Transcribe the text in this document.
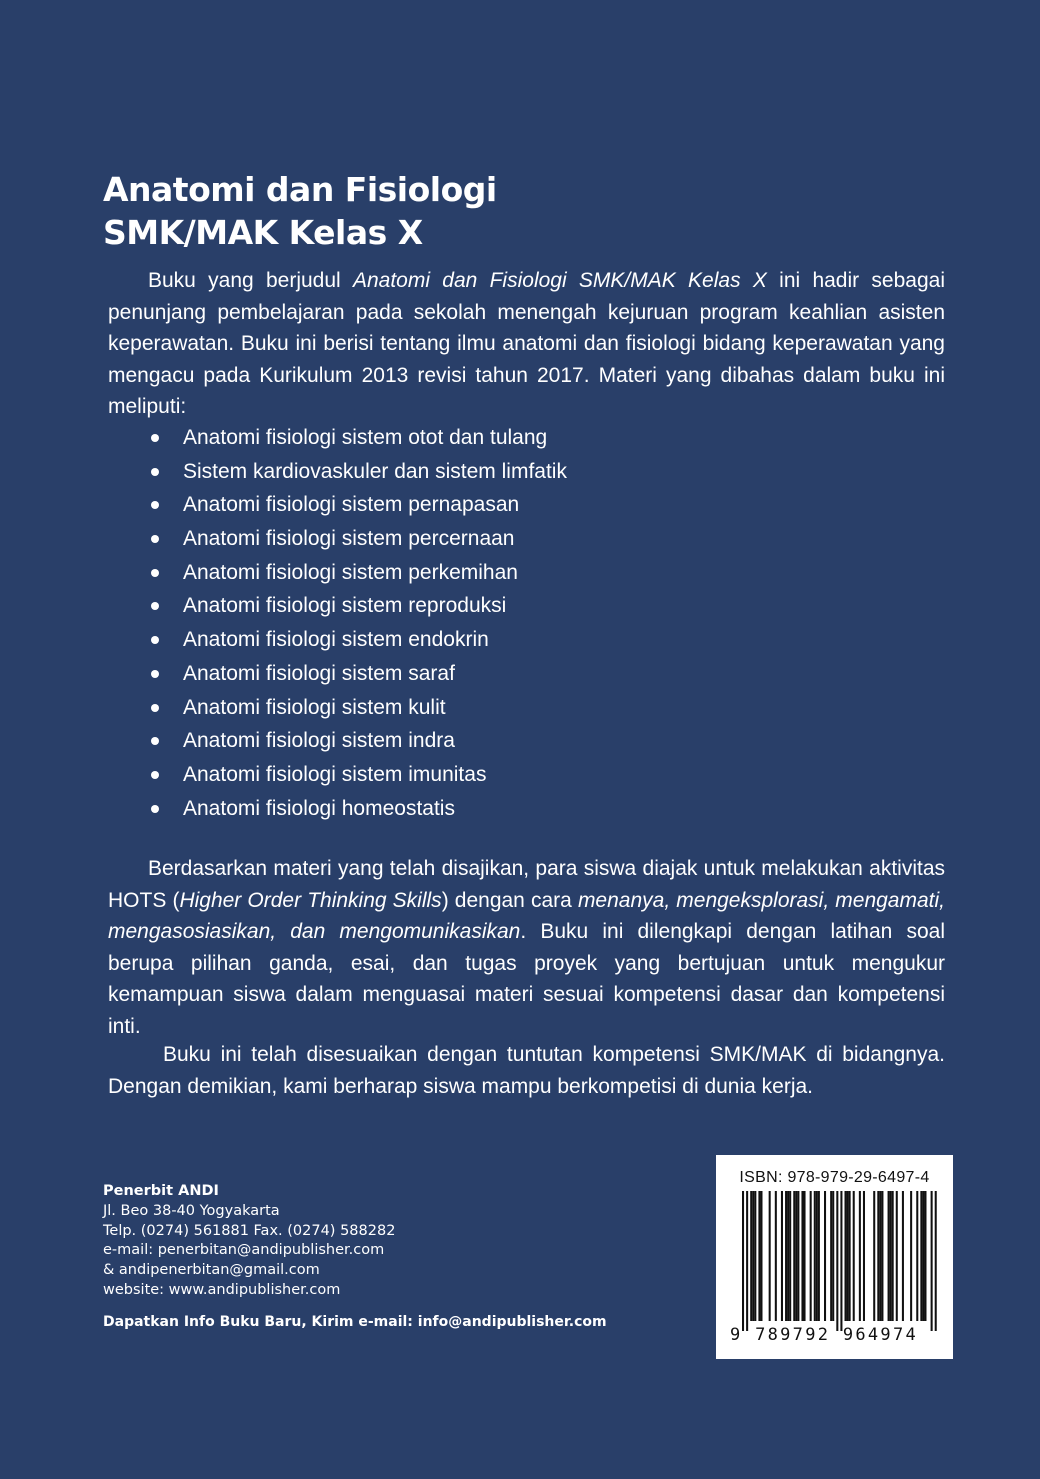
Anatomi dan Fisiologi
SMK/MAK Kelas X

Buku yang berjudul Anatomi dan Fisiologi SMK/MAK Kelas X ini hadir sebagai penunjang pembelajaran pada sekolah menengah kejuruan program keahlian asisten keperawatan. Buku ini berisi tentang ilmu anatomi dan fisiologi bidang keperawatan yang mengacu pada Kurikulum 2013 revisi tahun 2017. Materi yang dibahas dalam buku ini meliputi:

Anatomi fisiologi sistem otot dan tulang
Sistem kardiovaskuler dan sistem limfatik
Anatomi fisiologi sistem pernapasan
Anatomi fisiologi sistem percernaan
Anatomi fisiologi sistem perkemihan
Anatomi fisiologi sistem reproduksi
Anatomi fisiologi sistem endokrin
Anatomi fisiologi sistem saraf
Anatomi fisiologi sistem kulit
Anatomi fisiologi sistem indra
Anatomi fisiologi sistem imunitas
Anatomi fisiologi homeostatis

Berdasarkan materi yang telah disajikan, para siswa diajak untuk melakukan aktivitas HOTS (Higher Order Thinking Skills) dengan cara menanya, mengeksplorasi, mengamati, mengasosiasikan, dan mengomunikasikan. Buku ini dilengkapi dengan latihan soal berupa pilihan ganda, esai, dan tugas proyek yang bertujuan untuk mengukur kemampuan siswa dalam menguasai materi sesuai kompetensi dasar dan kompetensi inti.

Buku ini telah disesuaikan dengan tuntutan kompetensi SMK/MAK di bidangnya. Dengan demikian, kami berharap siswa mampu berkompetisi di dunia kerja.

Penerbit ANDI
Jl. Beo 38-40 Yogyakarta
Telp. (0274) 561881 Fax. (0274) 588282
e-mail: penerbitan@andipublisher.com
& andipenerbitan@gmail.com
website: www.andipublisher.com
Dapatkan Info Buku Baru, Kirim e-mail: info@andipublisher.com
ISBN: 978-979-29-6497-4
9 789792 964974
